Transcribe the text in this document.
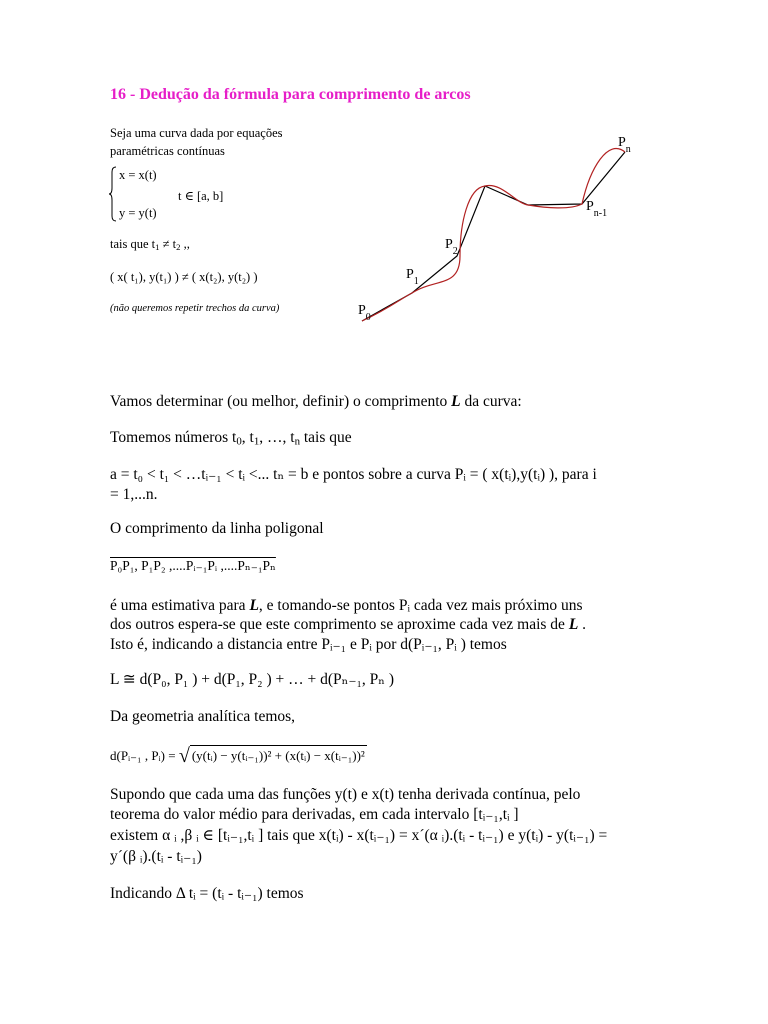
16 - Dedução da fórmula para comprimento de arcos
Seja uma curva dada por equações
paramétricas contínuas
x = x(t)
t ∈ [a, b]
y = y(t)
tais que $t_1 \ne t_2$ ,,
( x( t₁), y(t₁) ) ≠ ( x(t₂), y(t₂) )
(não queremos repetir trechos da curva)	$P_0$
$P_1$
$P_2$
$P_{n-1}$
$P_n$
Vamos determinar (ou melhor, definir) o comprimento L da curva:
Tomemos números $t_0$, $t_1$, …, $t_n$ tais que
a = t₀ < t₁ < …tᵢ₋₁ < tᵢ <... tₙ = b e pontos sobre a curva Pᵢ = ( x(tᵢ),y(tᵢ) ), para i
= 1,...n.
O comprimento da linha poligonal
P₀P₁, P₁P₂ ,....Pᵢ₋₁Pᵢ ,....Pₙ₋₁Pₙ
é uma estimativa para L, e tomando-se pontos Pᵢ cada vez mais próximo uns
dos outros espera-se que este comprimento se aproxime cada vez mais de L .
Isto é, indicando a distancia entre Pᵢ₋₁ e Pᵢ por d(Pᵢ₋₁, Pᵢ ) temos
L ≅ d(P₀, P₁ ) + d(P₁, P₂ ) + … + d(Pₙ₋₁, Pₙ )
Da geometria analítica temos,
d(Pᵢ₋₁ , Pᵢ) = √ (y(tᵢ) − y(tᵢ₋₁))² + (x(tᵢ) − x(tᵢ₋₁))²
Supondo que cada uma das funções y(t) e x(t) tenha derivada contínua, pelo
teorema do valor médio para derivadas, em cada intervalo [tᵢ₋₁,tᵢ ]
existem α ᵢ ,β ᵢ ∈ [tᵢ₋₁,tᵢ ] tais que x(tᵢ) - x(tᵢ₋₁) = x´(α ᵢ).(tᵢ - tᵢ₋₁) e y(tᵢ) - y(tᵢ₋₁) =
y´(β ᵢ).(tᵢ - tᵢ₋₁)
Indicando Δ tᵢ = (tᵢ - tᵢ₋₁) temos
